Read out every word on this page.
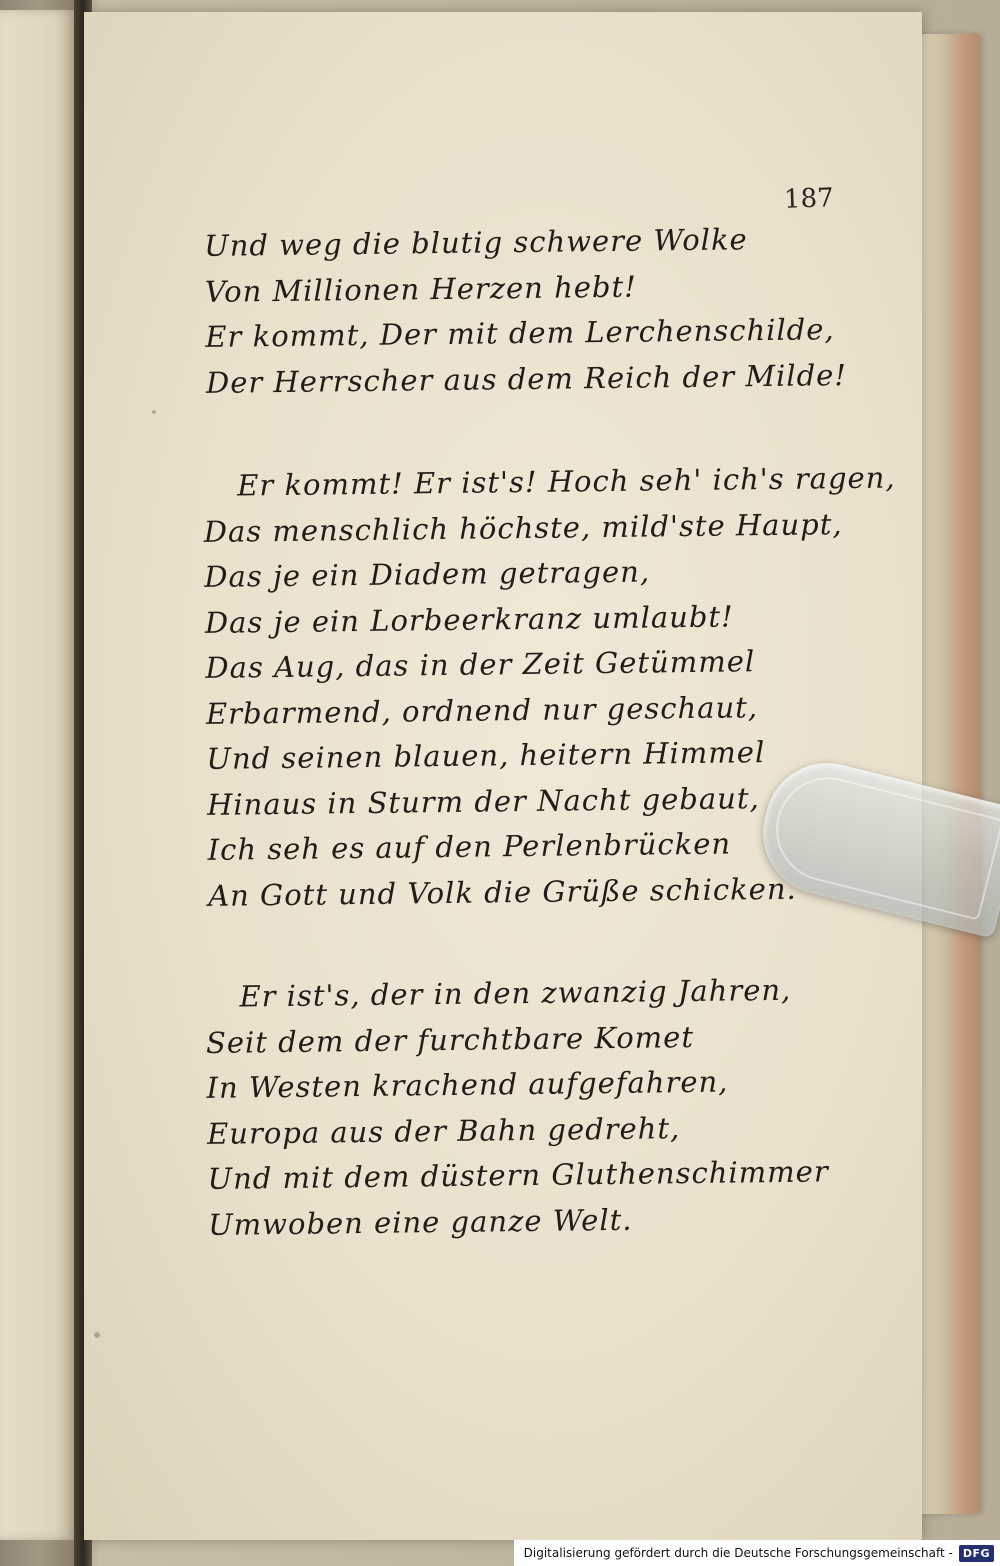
187
Und weg die blutig schwere Wolke
Von Millionen Herzen hebt!
Er kommt, Der mit dem Lerchenschilde,
Der Herrscher aus dem Reich der Milde!
Er kommt! Er ist's! Hoch seh' ich's ragen,
Das menschlich höchste, mild'ste Haupt,
Das je ein Diadem getragen,
Das je ein Lorbeerkranz umlaubt!
Das Aug, das in der Zeit Getümmel
Erbarmend, ordnend nur geschaut,
Und seinen blauen, heitern Himmel
Hinaus in Sturm der Nacht gebaut,
Ich seh es auf den Perlenbrücken
An Gott und Volk die Grüße schicken.
Er ist's, der in den zwanzig Jahren,
Seit dem der furchtbare Komet
In Westen krachend aufgefahren,
Europa aus der Bahn gedreht,
Und mit dem düstern Gluthenschimmer
Umwoben eine ganze Welt.
Digitalisierung gefördert durch die Deutsche Forschungsgemeinschaft - DFG
